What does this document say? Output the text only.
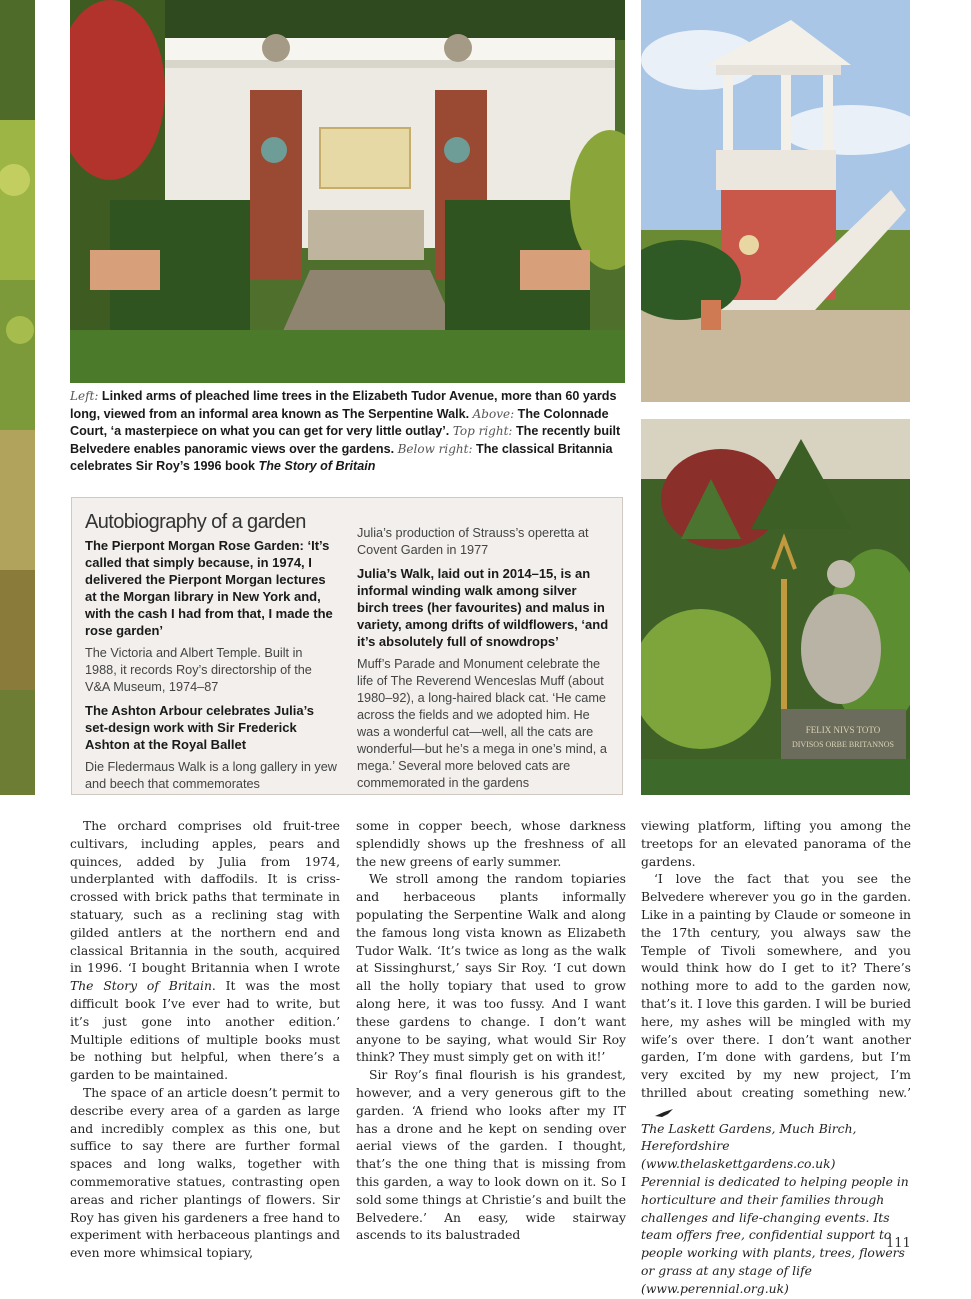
FELIX NIVS TOTO
DIVISOS ORBE BRITANNOS
Left: Linked arms of pleached lime trees in the Elizabeth Tudor Avenue, more than 60 yards long, viewed from an informal area known as The Serpentine Walk. Above: The Colonnade Court, ‘a masterpiece on what you can get for very little outlay’. Top right: The recently built Belvedere enables panoramic views over the gardens. Below right: The classical Britannia celebrates Sir Roy’s 1996 book The Story of Britain
Autobiography of a garden

The Pierpont Morgan Rose Garden: ‘It’s called that simply because, in 1974, I delivered the Pierpont Morgan lectures at the Morgan library in New York and, with the cash I had from that, I made the rose garden’

The Victoria and Albert Temple. Built in 1988, it records Roy’s directorship of the V&A Museum, 1974–87

The Ashton Arbour celebrates Julia’s set-design work with Sir Frederick Ashton at the Royal Ballet

Die Fledermaus Walk is a long gallery in yew and beech that commemorates

Julia’s production of Strauss’s operetta at Covent Garden in 1977

Julia’s Walk, laid out in 2014–15, is an informal winding walk among silver birch trees (her favourites) and malus in variety, among drifts of wildflowers, ‘and it’s absolutely full of snowdrops’

Muff’s Parade and Monument celebrate the life of The Reverend Wenceslas Muff (about 1980–92), a long-haired black cat. ‘He came across the fields and we adopted him. He was a wonderful cat—well, all the cats are wonderful—but he’s a mega in one’s mind, a mega.’ Several more beloved cats are commemorated in the gardens

The orchard comprises old fruit-tree cultivars, including apples, pears and quinces, added by Julia from 1974, underplanted with daffodils. It is criss-crossed with brick paths that terminate in statuary, such as a reclining stag with gilded antlers at the northern end and classical Britannia in the south, acquired in 1996. ‘I bought Britannia when I wrote The Story of Britain. It was the most difficult book I’ve ever had to write, but it’s just gone into another edition.’ Multiple editions of multiple books must be nothing but helpful, when there’s a garden to be maintained.

The space of an article doesn’t permit to describe every area of a garden as large and incredibly complex as this one, but suffice to say there are further formal spaces and long walks, together with commemorative statues, contrasting open areas and richer plantings of flowers. Sir Roy has given his gardeners a free hand to experiment with herbaceous plantings and even more whimsical topiary,

some in copper beech, whose darkness splendidly shows up the freshness of all the new greens of early summer.

We stroll among the random topiaries and herbaceous plants informally populating the Serpentine Walk and along the famous long vista known as Elizabeth Tudor Walk. ‘It’s twice as long as the walk at Sissinghurst,’ says Sir Roy. ‘I cut down all the holly topiary that used to grow along here, it was too fussy. And I want these gardens to change. I don’t want anyone to be saying, what would Sir Roy think? They must simply get on with it!’

Sir Roy’s final flourish is his grandest, however, and a very generous gift to the garden. ‘A friend who looks after my IT has a drone and he kept on sending over aerial views of the garden. I thought, that’s the one thing that is missing from this garden, a way to look down on it. So I sold some things at Christie’s and built the Belvedere.’ An easy, wide stairway ascends to its balustraded

viewing platform, lifting you among the treetops for an elevated panorama of the gardens.

‘I love the fact that you see the Belvedere wherever you go in the garden. Like in a painting by Claude or someone in the 17th century, you always saw the Temple of Tivoli somewhere, and you would think how do I get to it? There’s nothing more to add to the garden now, that’s it. I love this garden. I will be buried here, my ashes will be mingled with my wife’s over there. I don’t want another garden, I’m done with gardens, but I’m very excited by my new project, I’m thrilled about creating something new.’

The Laskett Gardens, Much Birch, Herefordshire (www.thelaskettgardens.co.uk)

Perennial is dedicated to helping people in horticulture and their families through challenges and life-changing events. Its team offers free, confidential support to people working with plants, trees, flowers or grass at any stage of life (www.perennial.org.uk)

111
